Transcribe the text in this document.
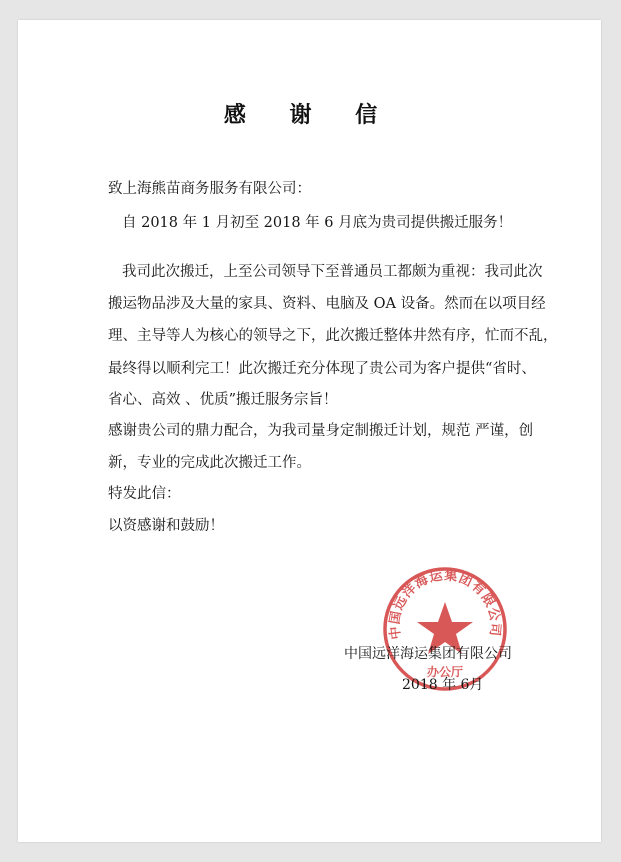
感 谢 信
致上海熊苗商务服务有限公司：
自 2018 年 1 月初至 2018 年 6 月底为贵司提供搬迁服务！
我司此次搬迁，上至公司领导下至普通员工都颇为重视：我司此次
搬运物品涉及大量的家具、资料、电脑及 OA 设备。然而在以项目经
理、主导等人为核心的领导之下，此次搬迁整体井然有序，忙而不乱，
最终得以顺利完工！此次搬迁充分体现了贵公司为客户提供“省时、
省心、高效 、优质”搬迁服务宗旨！
感谢贵公司的鼎力配合，为我司量身定制搬迁计划，规范 严谨，创
新，专业的完成此次搬迁工作。
特发此信：
以资感谢和鼓励！
中国远洋海运集团有限公司
办公厅
中国远洋海运集团有限公司
2018 年 6月
